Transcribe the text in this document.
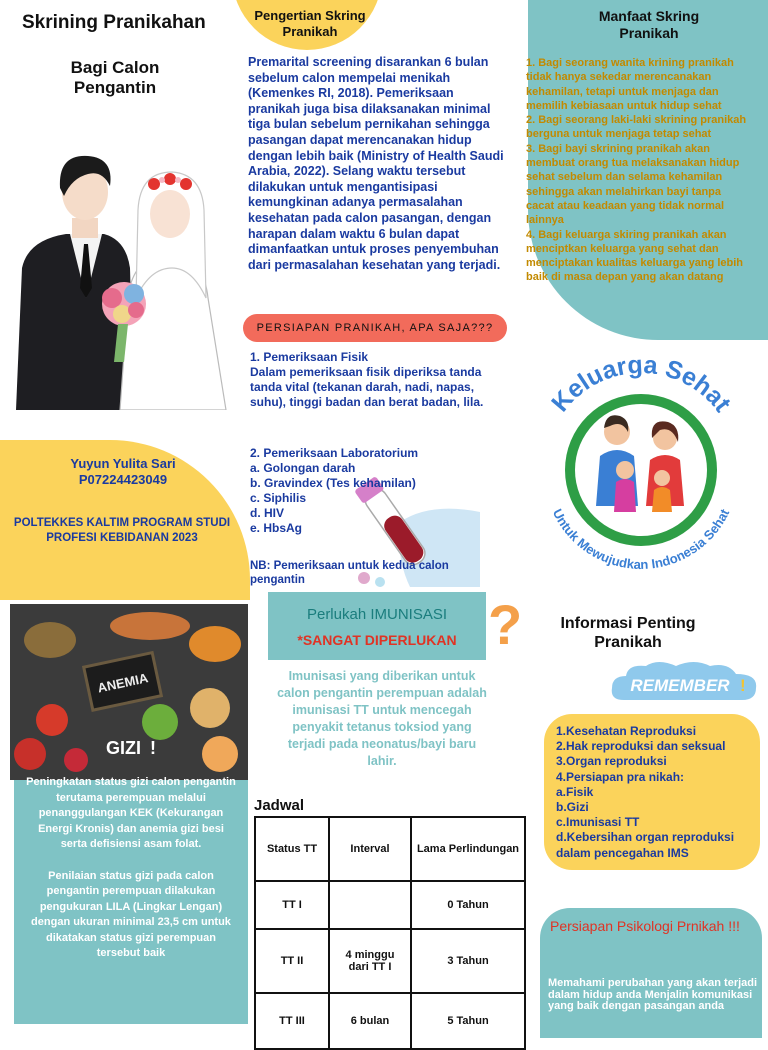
Skrining Pranikahan
Bagi Calon
Pengantin
Yuyun Yulita Sari
P07224423049
POLTEKKES KALTIM PROGRAM STUDI PROFESI KEBIDANAN 2023
Pengertian Skring
Pranikah
Premarital screening disarankan 6 bulan sebelum calon mempelai menikah (Kemenkes RI, 2018). Pemeriksaan pranikah juga bisa dilaksanakan minimal tiga bulan sebelum pernikahan sehingga pasangan dapat merencanakan hidup dengan lebih baik (Ministry of Health Saudi Arabia, 2022). Selang waktu tersebut dilakukan untuk mengantisipasi kemungkinan adanya permasalahan kesehatan pada calon pasangan, dengan harapan dalam waktu 6 bulan dapat dimanfaatkan untuk proses penyembuhan dari permasalahan kesehatan yang terjadi.
PERSIAPAN PRANIKAH, APA SAJA???
1. Pemeriksaan Fisik
Dalam pemeriksaan fisik diperiksa tanda tanda vital (tekanan darah, nadi, napas, suhu), tinggi badan dan berat badan, lila.
2. Pemeriksaan Laboratorium
a. Golongan darah
b. Gravindex (Tes kehamilan)
c. Siphilis
d. HIV
e. HbsAg
NB: Pemeriksaan untuk kedua calon pengantin
Manfaat Skring
Pranikah
1. Bagi seorang wanita krining pranikah tidak hanya sekedar merencanakan kehamilan, tetapi untuk menjaga dan memilih kebiasaan untuk hidup sehat
2. Bagi seorang laki-laki skrining pranikah berguna untuk menjaga tetap sehat
3. Bagi bayi skrining pranikah akan membuat orang tua melaksanakan hidup sehat sebelum dan selama kehamilan sehingga akan melahirkan bayi tanpa cacat atau keadaan yang tidak normal lainnya
4. Bagi keluarga skiring pranikah akan menciptkan keluarga yang sehat dan menciptakan kualitas keluarga yang lebih baik di masa depan yang akan datang
Keluarga Sehat
Untuk Mewujudkan Indonesia Sehat
ANEMIA
GIZI !
Peningkatan status gizi calon pengantin terutama perempuan melalui penanggulangan KEK (Kekurangan Energi Kronis) dan anemia gizi besi serta defisiensi asam folat.
Penilaian status gizi pada calon pengantin perempuan dilakukan pengukuran LILA (Lingkar Lengan) dengan ukuran minimal 23,5 cm untuk dikatakan status gizi perempuan tersebut baik
Perlukah IMUNISASI
*SANGAT DIPERLUKAN ?
Imunisasi yang diberikan untuk calon pengantin perempuan adalah imunisasi TT untuk mencegah penyakit tetanus toksiod yang terjadi pada neonatus/bayi baru lahir.
Jadwal
Status TT	Interval	Lama Perlindungan
TT I		0 Tahun
TT II	4 minggu dari TT I	3 Tahun
TT III	6 bulan	5 Tahun
Informasi Penting
Pranikah
REMEMBER !
1.Kesehatan Reproduksi
2.Hak reproduksi dan seksual
3.Organ reproduksi
4.Persiapan pra nikah:
a.Fisik
b.Gizi
c.Imunisasi TT
d.Kebersihan organ reproduksi dalam pencegahan IMS
Persiapan Psikologi Prnikah !!!
Memahami perubahan yang akan terjadi dalam hidup anda Menjalin komunikasi yang baik dengan pasangan anda
